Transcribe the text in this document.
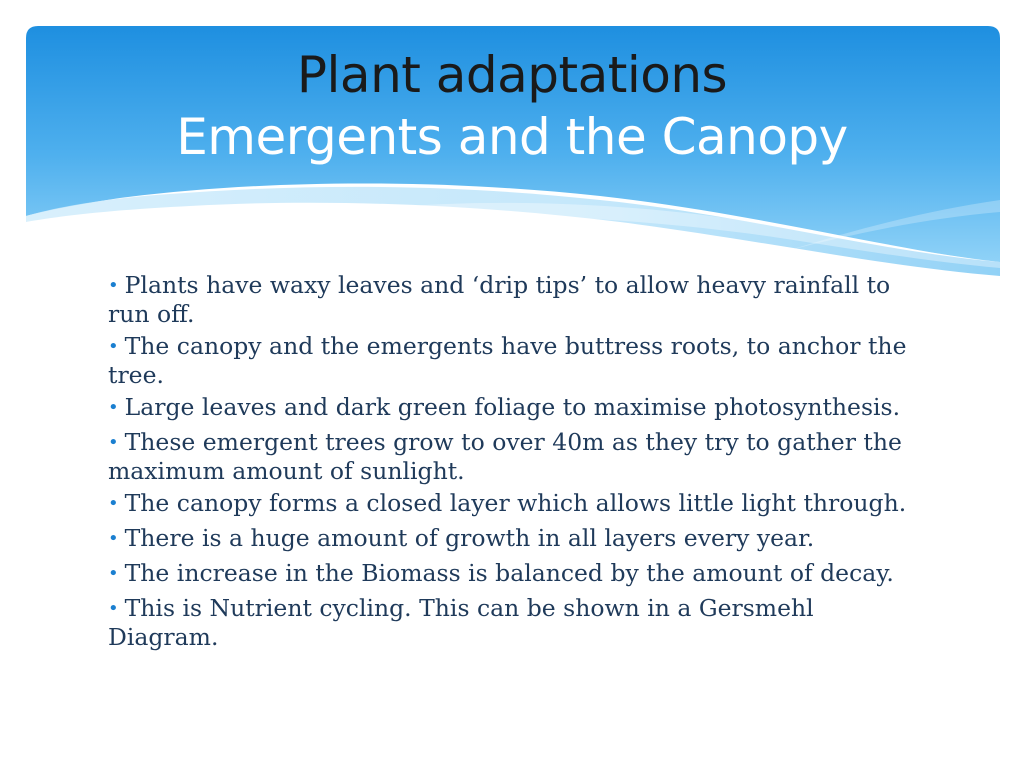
Plant adaptations
Emergents and the Canopy
• Plants have waxy leaves and ‘drip tips’ to allow heavy rainfall to run off.
• The canopy and the emergents have buttress roots, to anchor the tree.
• Large leaves and dark green foliage to maximise photosynthesis.
• These emergent trees grow to over 40m as they try to gather the maximum amount of sunlight.
• The canopy forms a closed layer which allows little light through.
• There is a huge amount of growth in all layers every year.
• The increase in the Biomass is balanced by the amount of decay.
• This is Nutrient cycling. This can be shown in a Gersmehl Diagram.
